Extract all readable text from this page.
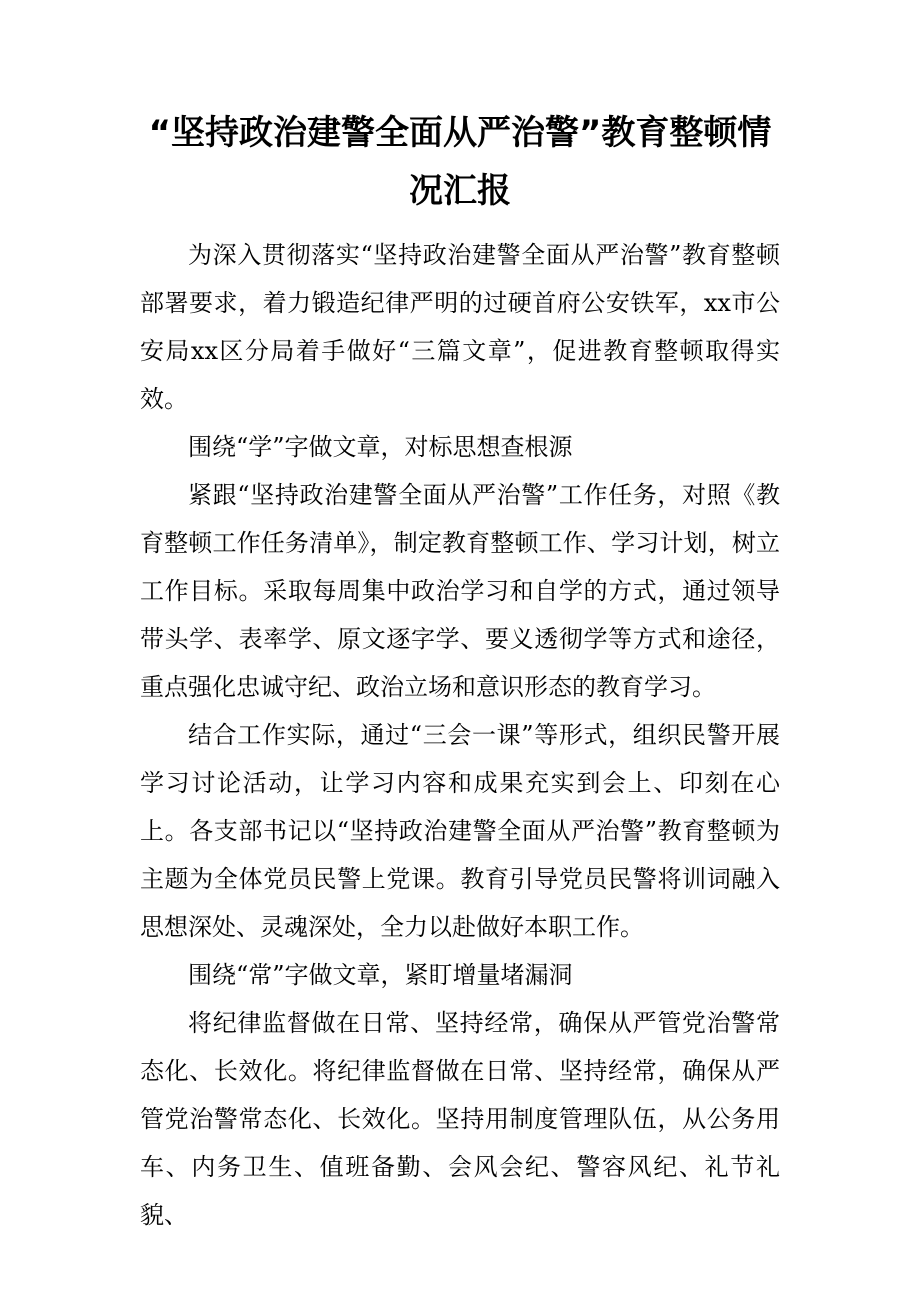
“坚持政治建警全面从严治警”教育整顿情况汇报

为深入贯彻落实“坚持政治建警全面从严治警”教育整顿部署要求，着力锻造纪律严明的过硬首府公安铁军，xx市公安局xx区分局着手做好“三篇文章”，促进教育整顿取得实效。

围绕“学”字做文章，对标思想查根源

紧跟“坚持政治建警全面从严治警”工作任务，对照《教育整顿工作任务清单》，制定教育整顿工作、学习计划，树立工作目标。采取每周集中政治学习和自学的方式，通过领导带头学、表率学、原文逐字学、要义透彻学等方式和途径，重点强化忠诚守纪、政治立场和意识形态的教育学习。

结合工作实际，通过“三会一课”等形式，组织民警开展学习讨论活动，让学习内容和成果充实到会上、印刻在心上。各支部书记以“坚持政治建警全面从严治警”教育整顿为主题为全体党员民警上党课。教育引导党员民警将训词融入思想深处、灵魂深处，全力以赴做好本职工作。

围绕“常”字做文章，紧盯增量堵漏洞

将纪律监督做在日常、坚持经常，确保从严管党治警常态化、长效化。将纪律监督做在日常、坚持经常，确保从严管党治警常态化、长效化。坚持用制度管理队伍，从公务用车、内务卫生、值班备勤、会风会纪、警容风纪、礼节礼貌、
